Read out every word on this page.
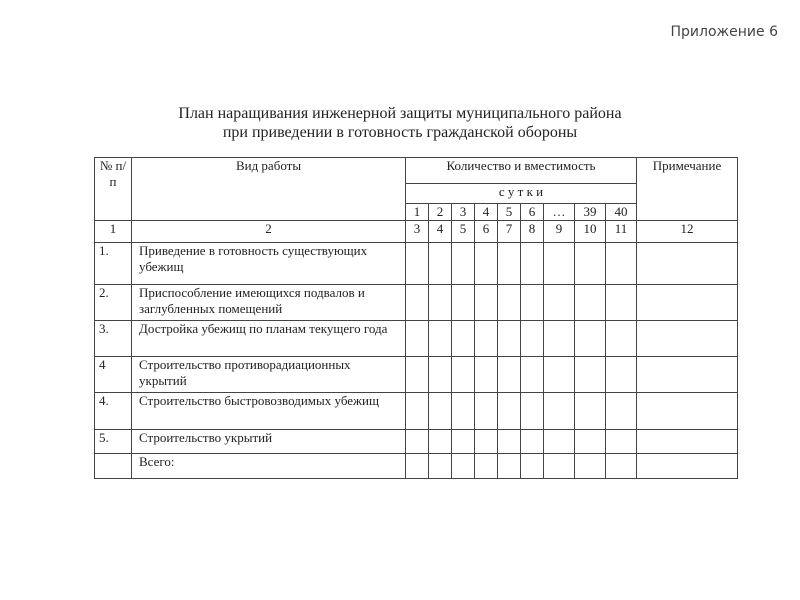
Приложение 6
План наращивания инженерной защиты муниципального района
при приведении в готовность гражданской обороны
№ п/п	Вид работы	Количество и вместимость									Примечание
		с у т к и									
		1	2	3	4	5	6	…	39	40	
1	2	3	4	5	6	7	8	9	10	11	12
1.	Приведение в готовность существующих убежищ										
2.	Приспособление имеющихся подвалов и заглубленных помещений										
3.	Достройка убежищ по планам текущего года										
4	Строительство противорадиационных укрытий										
4.	Строительство быстровозводимых убежищ										
5.	Строительство укрытий										
	Всего:										
